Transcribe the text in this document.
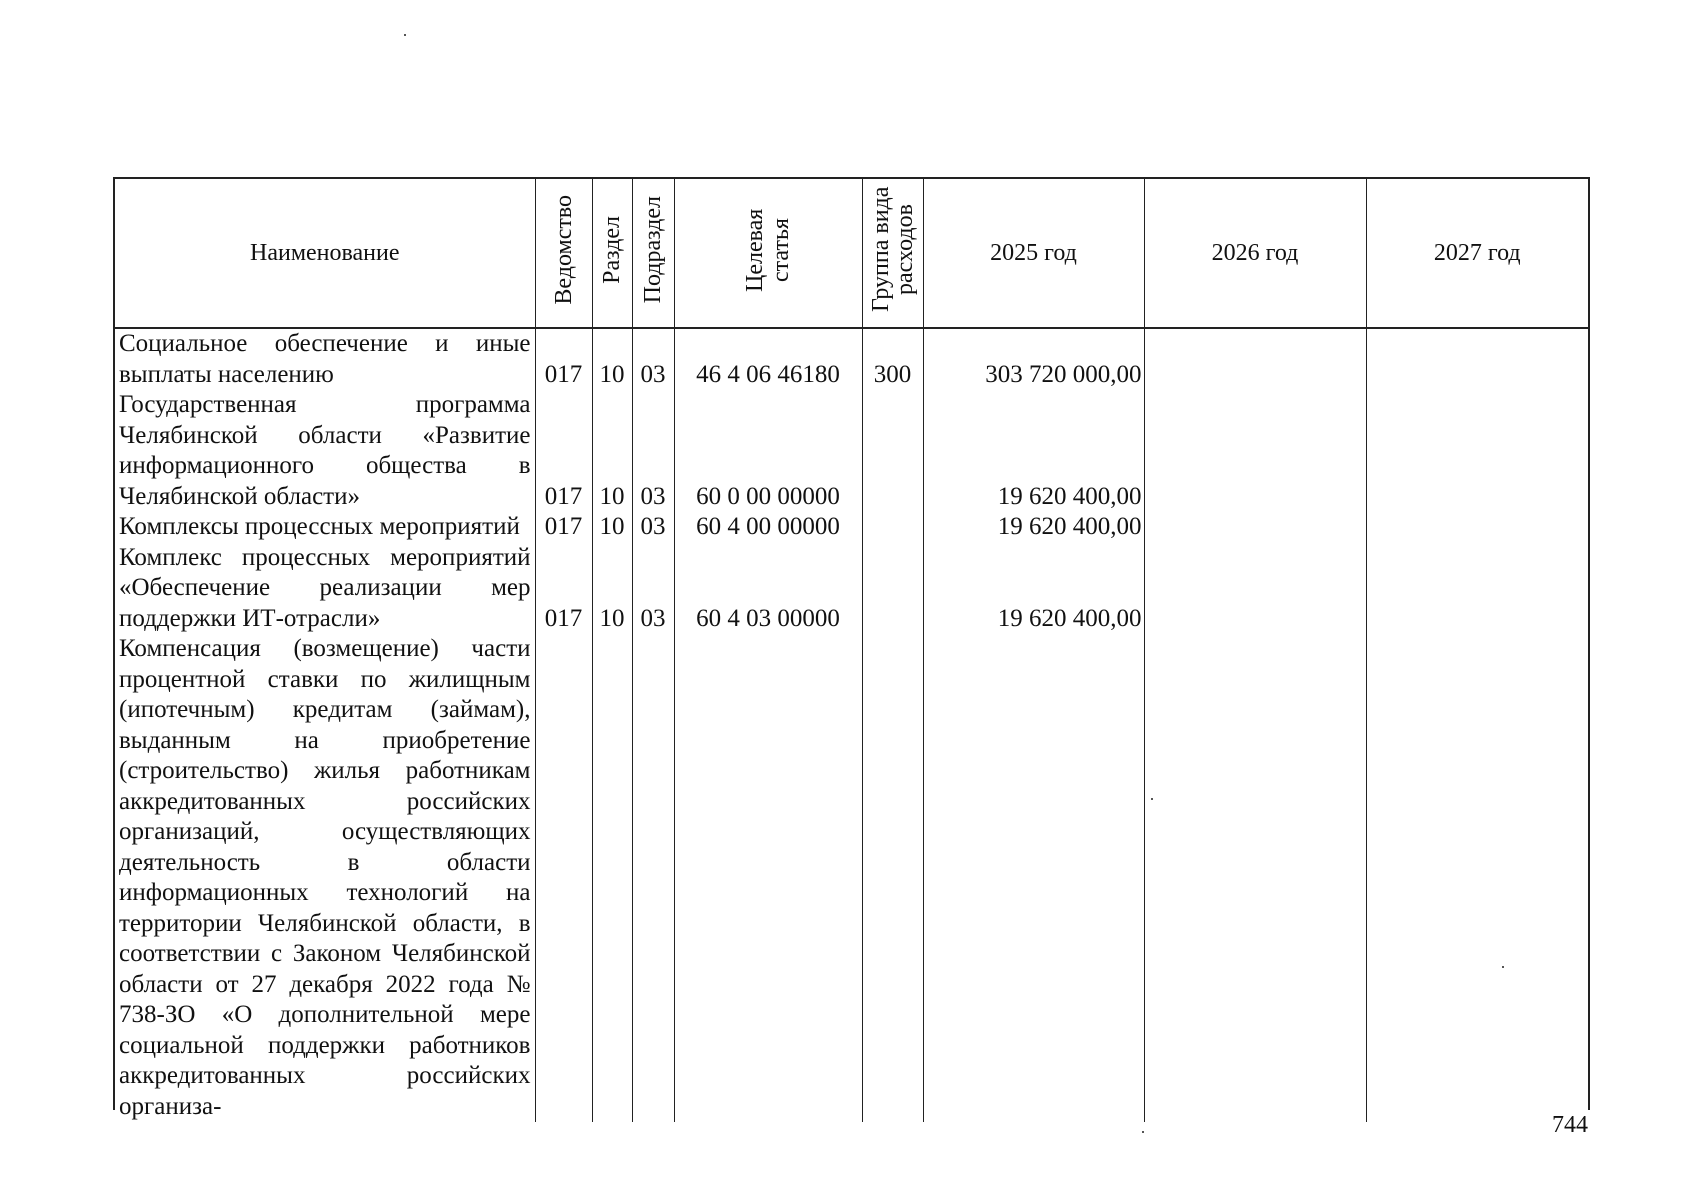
Наименование	Ведомство	Раздел	Подраздел	Целевая статья	Группа вида расходов	2025 год	2026 год	2027 год
Социальное обеспечение и иные выплаты населению	017	10	03	46 4 06 46180	300	303 720 000,00		
Государственная программа Челябинской области «Развитие информационного общества в Челябинской области»	017	10	03	60 0 00 00000		19 620 400,00		
Комплексы процессных мероприятий	017	10	03	60 4 00 00000		19 620 400,00		
Комплекс процессных мероприятий «Обеспечение реализации мер поддержки ИТ-отрасли»	017	10	03	60 4 03 00000		19 620 400,00		
Компенсация (возмещение) части процентной ставки по жилищным (ипотечным) кредитам (займам), выданным на приобретение (строительство) жилья работникам аккредитованных российских организаций, осуществляющих деятельность в области информационных технологий на территории Челябинской области, в соответствии с Законом Челябинской области от 27 декабря 2022 года № 738-ЗО «О дополнительной мере социальной поддержки работников аккредитованных российских организа-								
744
